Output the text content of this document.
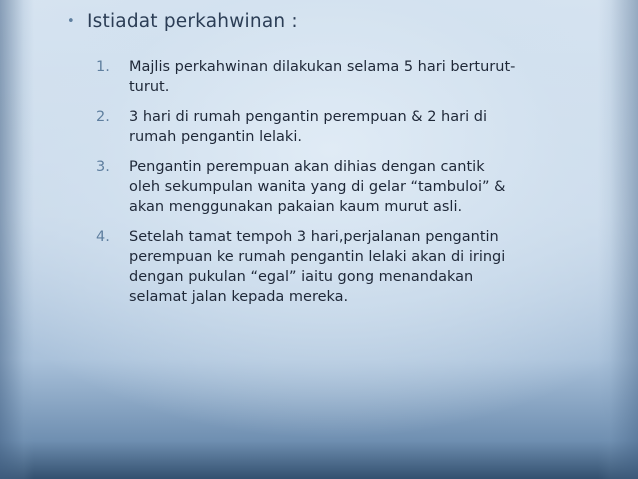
• Istiadat perkahwinan :
1.	Majlis perkahwinan dilakukan selama 5 hari berturut-
turut.
2.	3 hari di rumah pengantin perempuan & 2 hari di
rumah pengantin lelaki.
3.	Pengantin perempuan akan dihias dengan cantik
oleh sekumpulan wanita yang di gelar “tambuloi” &
akan menggunakan pakaian kaum murut asli.
4.	Setelah tamat tempoh 3 hari,perjalanan pengantin
perempuan ke rumah pengantin lelaki akan di iringi
dengan pukulan “egal” iaitu gong menandakan
selamat jalan kepada mereka.
